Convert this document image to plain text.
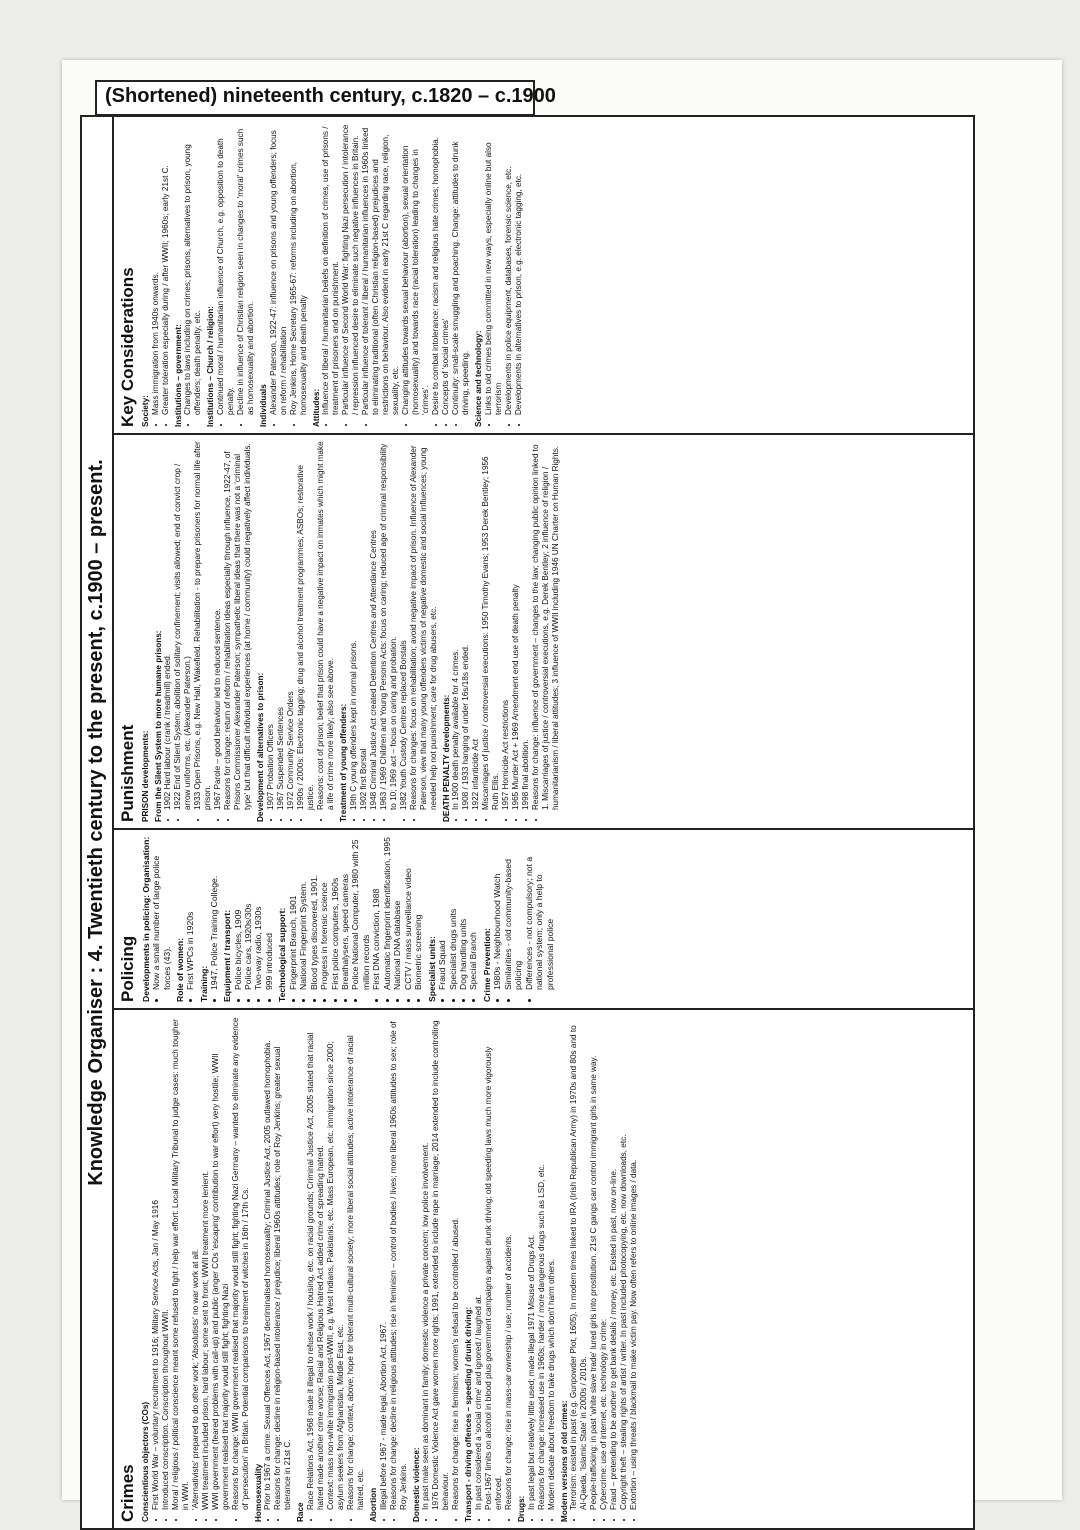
(Shortened) nineteenth century, c.1820 – c.1900
Knowledge Organiser : 4. Twentieth century to the present, c.1900 – present.
Crimes Conscientious objectors (COs) • First World War – voluntary recruitment to 1916; Military Service Acts, Jan / May 1916 • Introduced conscription. Conscription throughout WWII. • Moral / religious / political conscience meant some refused to fight / help war effort: Local Military Tribunal to judge cases: much tougher in WWI. • 'Alternativists' prepared to do other work; 'Absolutists' no war work at all. • WWI treatment included prison, hard labour; some sent to front; WWII treatment more lenient. • WWI government (feared problems with call-up) and public (anger COs 'escaping' contribution to war effort) very hostile; WWII government realised that majority would still fight; fighting Nazi • Reasons for change: WWII government realised that majority would still fight; fighting Nazi Germany – wanted to eliminate any evidence of 'persecution' in Britain. Potential comparisons to treatment of witches in 16th / 17th Cs. Homosexuality • Prior to 1967 a crime. Sexual Offences Act, 1967 decriminalised homosexuality; Criminal Justice Act, 2005 outlawed homophobia. • Reasons for change: decline in religion-based intolerance / prejudice; liberal 1960s attitudes; role of Roy Jenkins; greater sexual tolerance in 21st C.
Race
• Race Relations Act, 1968 made it illegal to refuse work / housing, etc. on racial grounds; Criminal Justice Act, 2005 stated that racial hatred made another crime worse; Racial and Religious Hatred Act added crime of spreading hatred. • Context: mass non-white immigration post-WWII, e.g. West Indians, Pakistanis, etc. Mass European, etc. immigration since 2000; asylum seekers from Afghanistan, Middle East, etc. • Reasons for change: context, above; hope for tolerant multi-cultural society; more liberal social attitudes; active intolerance of racial hatred, etc. Abortion • Illegal before 1967 - made legal, Abortion Act, 1967. • Reasons for change: decline in religious attitudes; rise in feminism – control of bodies / lives; more liberal 1960s attitudes to sex; role of Roy Jenkins. Domestic violence: • In past male seen as dominant in family; domestic violence a private concern; low police involvement. • 1976 Domestic Violence Act gave women more rights; 1991, extended to include rape in marriage; 2014 extended to include controlling behaviour. • Reasons for change: rise in feminism; women's refusal to be controlled / abused. Transport - driving offences – speeding / drunk driving: • In past considered a 'social crime' and ignored / laughed at. • Post-1967 limits on alcohol in blood plus government campaigns against drunk driving; old speeding laws much more vigorously enforced. • Reasons for change: rise in mass-car ownership / use; number of accidents. Drugs: • In past legal but relatively little used; made illegal 1971 Misuse of Drugs Act. • Reasons for change: increased use in 1960s; harder / more dangerous drugs such as LSD, etc. • Modern debate about freedom to take drugs which don't harm others. Modern versions of old crimes: • Terrorism: existed in past (e.g. Gunpowder Plot, 1605). In modern times linked to IRA (Irish Republican Army) in 1970s and 80s and to Al-Qaeda, 'Islamic State' in 2000s / 2010s. • People-trafficking: in past 'white slave trade' lured girls into prostitution. 21st C gangs can control immigrant girls in same way. • Cybercrime: use of internet, etc. technology in crime: • Fraud – pretending to be another to get bank details / money, etc. Existed in past, now on-line. • Copyright theft – stealing rights of artist / writer. In past included photocopying, etc. now downloads, etc. • Extortion – using threats / blackmail to make victim pay. Now often refers to online images / data.
Policing Developments in policing: Organisation: • Now a small number of large police forces (43). Role of women: • First WPCs in 1920s Training: • 1947, Police Training College. Equipment / transport: • Police bicycles, 1909 • Police cars, 1920s/30s • Two-way radio, 1930s • 999 introduced Technological support: • Fingerprint Branch, 1901 • National Fingerprint System. • Blood types discovered, 1901. • Progress in forensic science • First police computers, 1960s • Breathalysers, speed cameras • Police National Computer, 1980 with 25 million records • First DNA conviction, 1988 • Automatic fingerprint identification, 1995 • National DNA database • CCTV / mass surveillance video • Biometric screening Specialist units: • Fraud Squad • Specialist drugs units • Dog handling units • Special Branch Crime Prevention: • 1980s - Neighbourhood Watch • Similarities - old community-based policing • Differences - not compulsory; not a national system; only a help to professional police
Punishment PRISON developments: From the Silent System to more humane prisons: • 1902 Hard labour (crank / treadmill) ended. • 1922 End of Silent System; abolition of solitary confinement; visits allowed; end of convict crop / arrow uniforms, etc. (Alexander Paterson.) • 1933 Open Prisons, e.g. New Hall, Wakefield. Rehabilitation - to prepare prisoners for normal life after prison. • 1967 Parole – good behaviour led to reduced sentence. • Reasons for change: return of reform / rehabilitation ideas especially through influence, 1922-47, of Prisons Commissioner Alexander Paterson; sympathetic liberal ideas that there was not a 'criminal type' but that difficult individual experiences (at home / community) could negatively affect individuals. Development of alternatives to prison: • 1907 Probation Officers • 1967 Suspended Sentences • 1972 Community Service Orders • 1990s / 2000s: Electronic tagging; drug and alcohol treatment programmes; ASBOs; restorative justice. • Reasons: cost of prison; belief that prison could have a negative impact on inmates which might make a life of crime more likely; also see above. Treatment of young offenders: • 19th C young offenders kept in normal prisons. • 1902 first Borstal • 1948 Criminal Justice Act created Detention Centres and Attendance Centres • 1963 / 1969 Children and Young Persons Acts: focus on caring; reduced age of criminal responsibility to 10; 1969 act – focus on caring and probation. • 1982 Youth Custody Centres replaced Borstals • Reasons for changes: focus on rehabilitation; avoid negative impact of prison. Influence of Alexander Paterson, view that many young offenders victims of negative domestic and social influences; young needed help not punishment; care for drug abusers, etc. DEATH PENALTY developments: • In 1900 death penalty available for 4 crimes. • 1908 / 1933 hanging of under 16s/18s ended. • 1922 infanticide Act • Miscarriages of justice / controversial executions: 1950 Timothy Evans; 1953 Derek Bentley; 1956 Ruth Ellis. • 1957 Homicide Act restrictions • 1965 Murder Act + 1969 Amendment end use of death penalty • 1998 final abolition. • Reasons for change: influence of government – changes to the law; changing public opinion linked to 1. Miscarriages of justice / controversial executions, e.g. Derek Bentley; 2 influence of religion / humanitarianism / liberal attitudes; 3 influence of WWII including 1946 UN Charter on Human Rights.
Key Considerations Society: • Mass immigration from 1940s onwards. • Greater toleration especially during / after WWII; 1960s; early 21st C. Institutions – government: • Changes to laws including on crimes; prisons, alternatives to prison, young offenders; death penalty, etc. Institutions – Church / religion: • Continued moral / humanitarian influence of Church, e.g. opposition to death penalty. • Decline in influence of Christian religion seen in changes to 'moral' crimes such as homosexuality and abortion. Individuals • Alexander Paterson, 1922-47: influence on prisons and young offenders; focus on reform / rehabilitation • Roy Jenkins, Home Secretary 1965-67: reforms including on abortion, homosexuality and death penalty Attitudes: • Influence of liberal / humanitarian beliefs on definition of crimes, use of prisons / treatment of prisoners and on punishment. • Particular influence of Second World War: fighting Nazi persecution / intolerance / repression influenced desire to eliminate such negative influences in Britain. • Particular influence of tolerant / liberal / humanitarian influences in 1960s linked to eliminating traditional (often Christian religion-based) prejudices and restrictions on behaviour. Also evident in early 21st C regarding race, religion, sexuality, etc. • Changing attitudes towards sexual behaviour (abortion), sexual orientation (homosexuality) and towards race (racial toleration) leading to changes in 'crimes'. • Desire to combat intolerance: racism and religious hate crimes; homophobia. • Concepts of 'social crimes' • Continuity: small-scale smuggling and poaching. Change: attitudes to drunk driving, speeding. Science and technology: • Links to old crimes being committed in new ways, especially online but also terrorism • Developments in police equipment, databases, forensic science, etc. • Developments in alternatives to prison, e.g. electronic tagging, etc.
